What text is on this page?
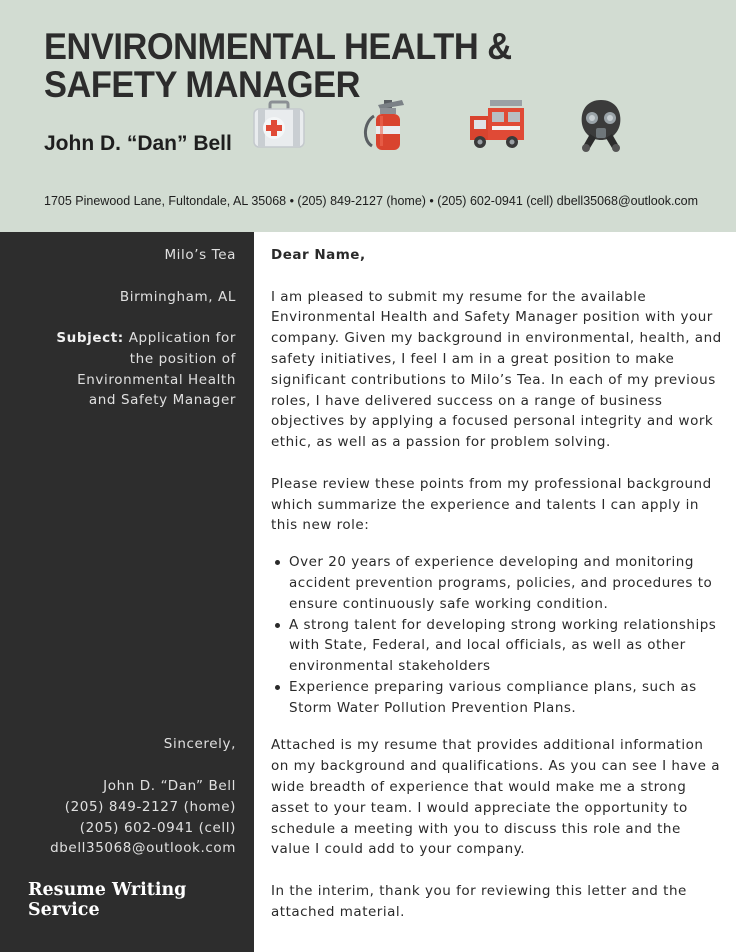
ENVIRONMENTAL HEALTH & SAFETY MANAGER
John D. “Dan” Bell
1705 Pinewood Lane, Fultondale, AL 35068 • (205) 849-2127 (home) • (205) 602-0941 (cell) dbell35068@outlook.com
Milo’s Tea
Birmingham, AL
Subject: Application for the position of Environmental Health and Safety Manager
Sincerely,
John D. “Dan” Bell
(205) 849-2127 (home)
(205) 602-0941 (cell)
dbell35068@outlook.com
Resume Writing Service

Dear Name,

I am pleased to submit my resume for the available Environmental Health and Safety Manager position with your company. Given my background in environmental, health, and safety initiatives, I feel I am in a great position to make significant contributions to Milo’s Tea. In each of my previous roles, I have delivered success on a range of business objectives by applying a focused personal integrity and work ethic, as well as a passion for problem solving.

Please review these points from my professional background which summarize the experience and talents I can apply in this new role:

Over 20 years of experience developing and monitoring accident prevention programs, policies, and procedures to ensure continuously safe working condition.
A strong talent for developing strong working relationships with State, Federal, and local officials, as well as other environmental stakeholders
Experience preparing various compliance plans, such as Storm Water Pollution Prevention Plans.

Attached is my resume that provides additional information on my background and qualifications. As you can see I have a wide breadth of experience that would make me a strong asset to your team. I would appreciate the opportunity to schedule a meeting with you to discuss this role and the value I could add to your company.

In the interim, thank you for reviewing this letter and the attached material.
